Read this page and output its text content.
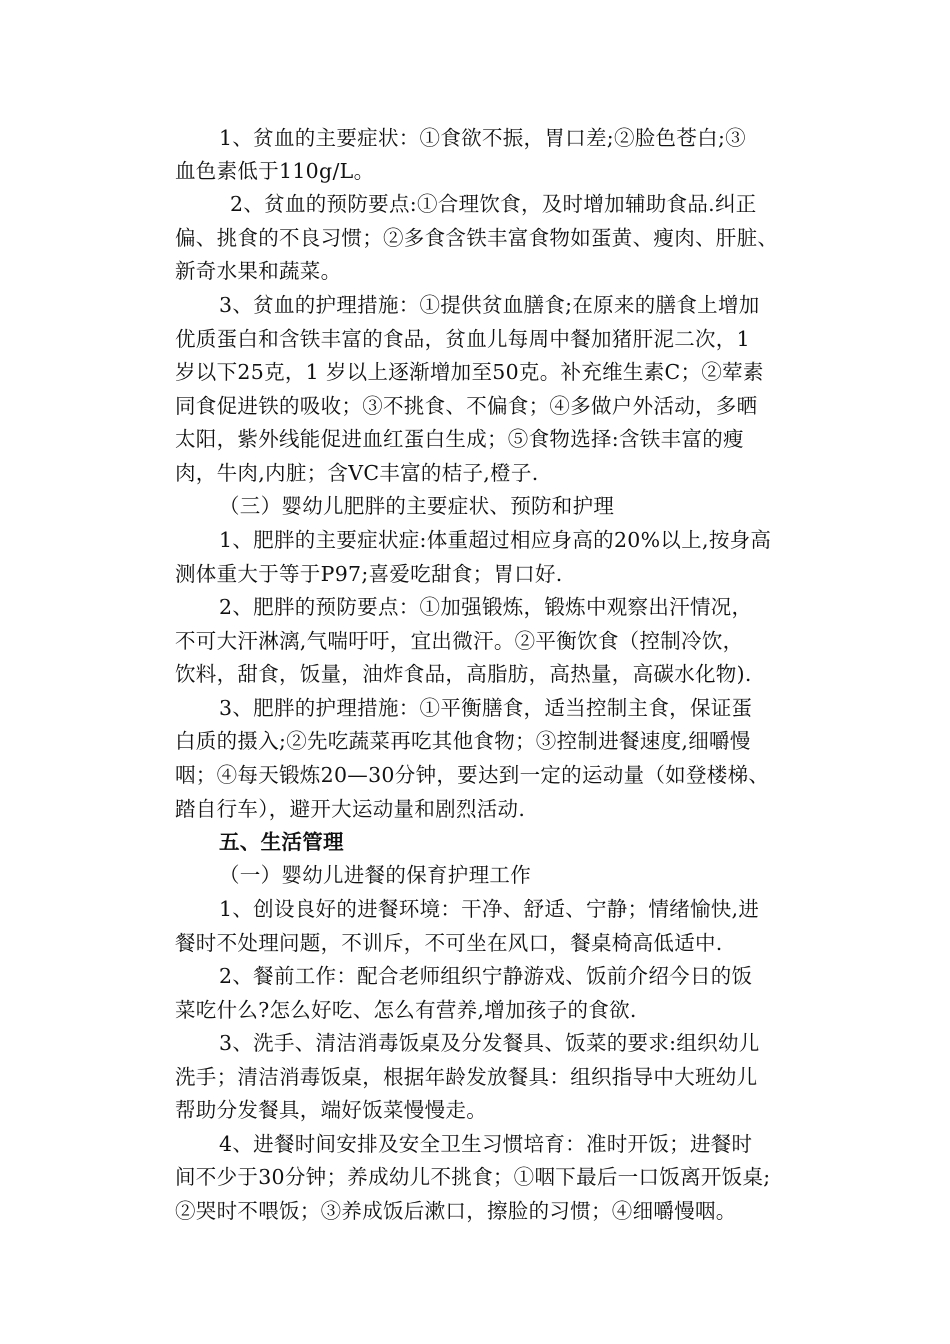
1、贫血的主要症状：①食欲不振，胃口差;②脸色苍白;③
血色素低于110g/L。
2、贫血的预防要点:①合理饮食，及时增加辅助食品.纠正
偏、挑食的不良习惯；②多食含铁丰富食物如蛋黄、瘦肉、肝脏、
新奇水果和蔬菜。
3、贫血的护理措施：①提供贫血膳食;在原来的膳食上增加
优质蛋白和含铁丰富的食品，贫血儿每周中餐加猪肝泥二次，1
岁以下25克，1 岁以上逐渐增加至50克。补充维生素C；②荤素
同食促进铁的吸收；③不挑食、不偏食；④多做户外活动，多晒
太阳，紫外线能促进血红蛋白生成；⑤食物选择:含铁丰富的瘦
肉，牛肉,内脏；含VC丰富的桔子,橙子.
（三）婴幼儿肥胖的主要症状、预防和护理
1、肥胖的主要症状症:体重超过相应身高的20%以上,按身高
测体重大于等于P97;喜爱吃甜食；胃口好.
2、肥胖的预防要点：①加强锻炼，锻炼中观察出汗情况，
不可大汗淋漓,气喘吁吁，宜出微汗。②平衡饮食（控制冷饮，
饮料，甜食，饭量，油炸食品，高脂肪，高热量，高碳水化物).
3、肥胖的护理措施：①平衡膳食，适当控制主食，保证蛋
白质的摄入;②先吃蔬菜再吃其他食物；③控制进餐速度,细嚼慢
咽；④每天锻炼20—30分钟，要达到一定的运动量（如登楼梯、
踏自行车），避开大运动量和剧烈活动.
五、生活管理
（一）婴幼儿进餐的保育护理工作
1、创设良好的进餐环境：干净、舒适、宁静；情绪愉快,进
餐时不处理问题，不训斥，不可坐在风口，餐桌椅高低适中.
2、餐前工作：配合老师组织宁静游戏、饭前介绍今日的饭
菜吃什么?怎么好吃、怎么有营养,增加孩子的食欲.
3、洗手、清洁消毒饭桌及分发餐具、饭菜的要求:组织幼儿
洗手；清洁消毒饭桌，根据年龄发放餐具：组织指导中大班幼儿
帮助分发餐具，端好饭菜慢慢走。
4、进餐时间安排及安全卫生习惯培育：准时开饭；进餐时
间不少于30分钟；养成幼儿不挑食；①咽下最后一口饭离开饭桌;
②哭时不喂饭；③养成饭后漱口，擦脸的习惯；④细嚼慢咽。
